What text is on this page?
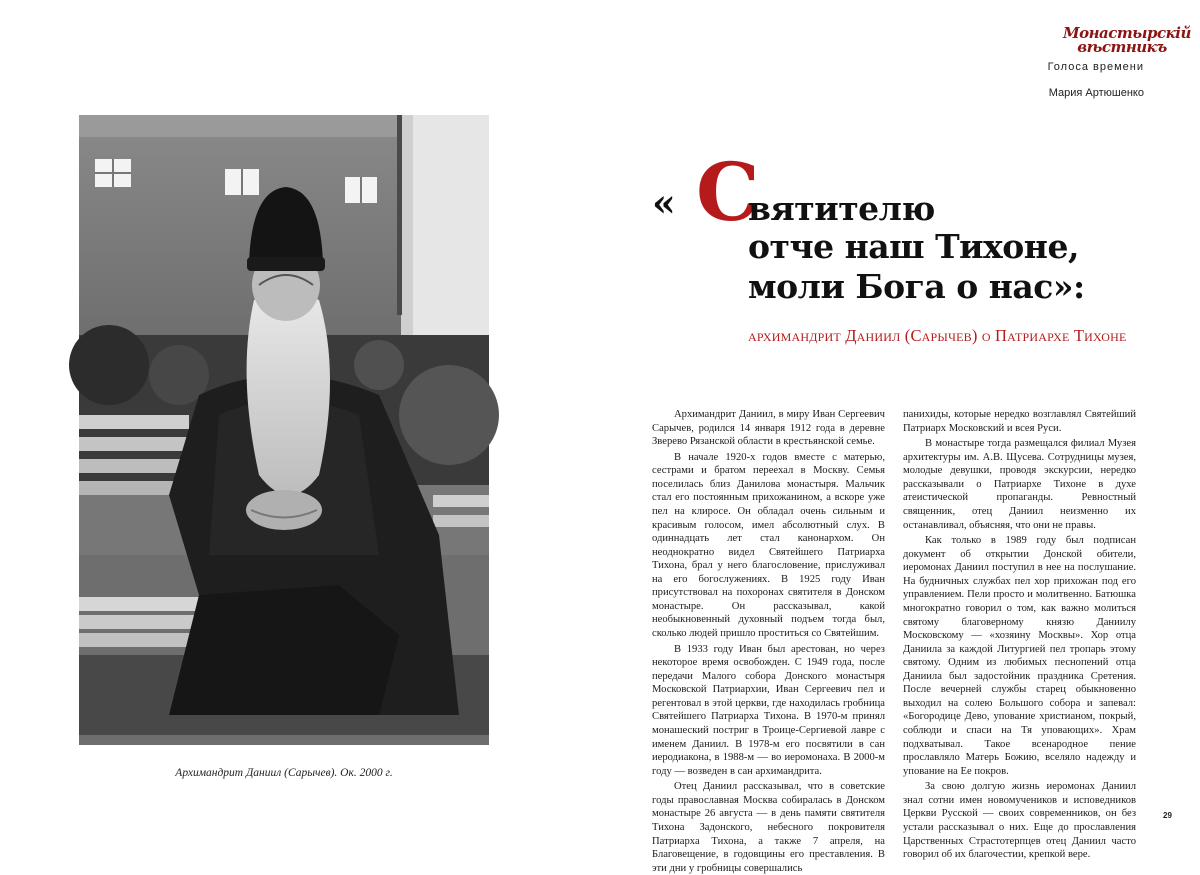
Монастырскій
вѣстникъ
Голоса времени
Мария Артюшенко
Архимандрит Даниил (Сарычев). Ок. 2000 г.
« С
вятителю
отче наш Тихоне,
моли Бога о нас»:
архимандрит Даниил (Сарычев) о Патриархе Тихоне

Архимандрит Даниил, в миру Иван Сергеевич Сарычев, родился 14 января 1912 года в деревне Зверево Рязанской области в крестьянской семье.

В начале 1920-х годов вместе с матерью, сестрами и братом переехал в Москву. Семья поселилась близ Данилова монастыря. Мальчик стал его постоянным прихожанином, а вскоре уже пел на клиросе. Он обладал очень сильным и красивым голосом, имел абсолютный слух. В одиннадцать лет стал канонархом. Он неоднократно видел Святейшего Патриарха Тихона, брал у него благословение, прислуживал на его богослужениях. В 1925 году Иван присутствовал на похоронах святителя в Донском монастыре. Он рассказывал, какой необыкновенный духовный подъем тогда был, сколько людей пришло проститься со Святейшим.

В 1933 году Иван был арестован, но через некоторое время освобожден. С 1949 года, после передачи Малого собора Донского монастыря Московской Патриархии, Иван Сергеевич пел и регентовал в этой церкви, где находилась гробница Святейшего Патриарха Тихона. В 1970-м принял монашеский постриг в Троице-Сергиевой лавре с именем Даниил. В 1978-м его посвятили в сан иеродиакона, в 1988-м — во иеромонаха. В 2000-м году — возведен в сан архимандрита.

Отец Даниил рассказывал, что в советские годы православная Москва собиралась в Донском монастыре 26 августа — в день памяти святителя Тихона Задонского, небесного покровителя Патриарха Тихона, а также 7 апреля, на Благовещение, в годовщины его преставления. В эти дни у гробницы совершались

панихиды, которые нередко возглавлял Святейший Патриарх Московский и всея Руси.

В монастыре тогда размещался филиал Музея архитектуры им. А.В. Щусева. Сотрудницы музея, молодые девушки, проводя экскурсии, нередко рассказывали о Патриархе Тихоне в духе атеистической пропаганды. Ревностный священник, отец Даниил неизменно их останавливал, объясняя, что они не правы.

Как только в 1989 году был подписан документ об открытии Донской обители, иеромонах Даниил поступил в нее на послушание. На будничных службах пел хор прихожан под его управлением. Пели просто и молитвенно. Батюшка многократно говорил о том, как важно молиться святому благоверному князю Даниилу Московскому — «хозяину Москвы». Хор отца Даниила за каждой Литургией пел тропарь этому святому. Одним из любимых песнопений отца Даниила был задостойник праздника Сретения. После вечерней службы старец обыкновенно выходил на солею Большого собора и запевал: «Богородице Дево, упование христианом, покрый, соблюди и спаси на Тя уповающих». Храм подхватывал. Такое всенародное пение прославляло Матерь Божию, вселяло надежду и упование на Ее покров.

За свою долгую жизнь иеромонах Даниил знал сотни имен новомучеников и исповедников Церкви Русской — своих современников, он без устали рассказывал о них. Еще до прославления Царственных Страстотерпцев отец Даниил часто говорил об их благочестии, крепкой вере.

29
